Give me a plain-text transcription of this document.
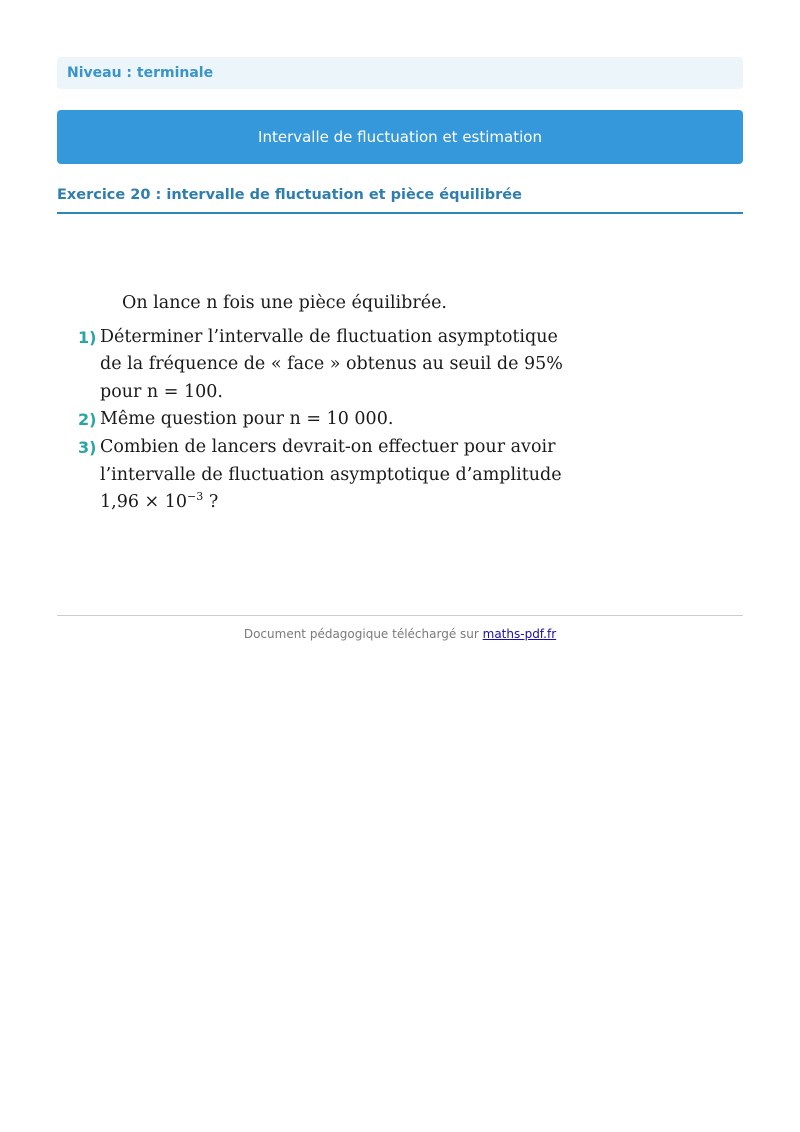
Niveau : terminale
Intervalle de fluctuation et estimation
Exercice 20 : intervalle de fluctuation et pièce équilibrée
On lance n fois une pièce équilibrée.
1) Déterminer l’intervalle de fluctuation asymptotique
de la fréquence de « face » obtenus au seuil de 95%
pour n = 100.
2) Même question pour n = 10 000.
3) Combien de lancers devrait-on effectuer pour avoir
l’intervalle de fluctuation asymptotique d’amplitude
$1,96 \times 10^{-3}$ ?
Document pédagogique téléchargé sur maths-pdf.fr
